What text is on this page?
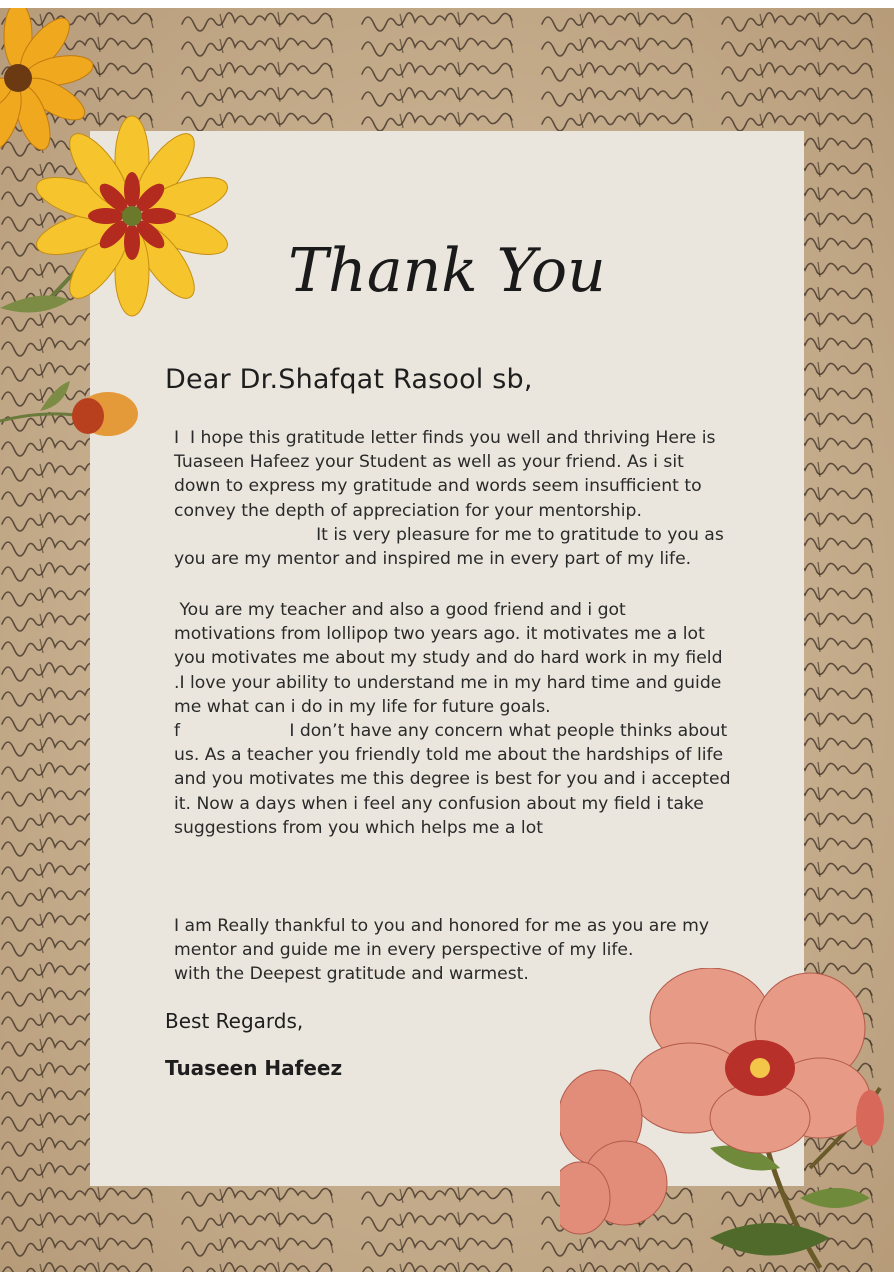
Thank You
Dear Dr.Shafqat Rasool sb,

I  I hope this gratitude letter finds you well and thriving Here is
Tuaseen Hafeez your Student as well as your friend. As i sit
down to express my gratitude and words seem insufficient to
convey the depth of appreciation for your mentorship.
It is very pleasure for me to gratitude to you as
you are my mentor and inspired me in every part of my life.

You are my teacher and also a good friend and i got
motivations from lollipop two years ago. it motivates me a lot
you motivates me about my study and do hard work in my field
.I love your ability to understand me in my hard time and guide
me what can i do in my life for future goals.
f                    I don’t have any concern what people thinks about
us. As a teacher you friendly told me about the hardships of life
and you motivates me this degree is best for you and i accepted
it. Now a days when i feel any confusion about my field i take
suggestions from you which helps me a lot

I am Really thankful to you and honored for me as you are my
mentor and guide me in every perspective of my life.
with the Deepest gratitude and warmest.

Best Regards,
Tuaseen Hafeez
